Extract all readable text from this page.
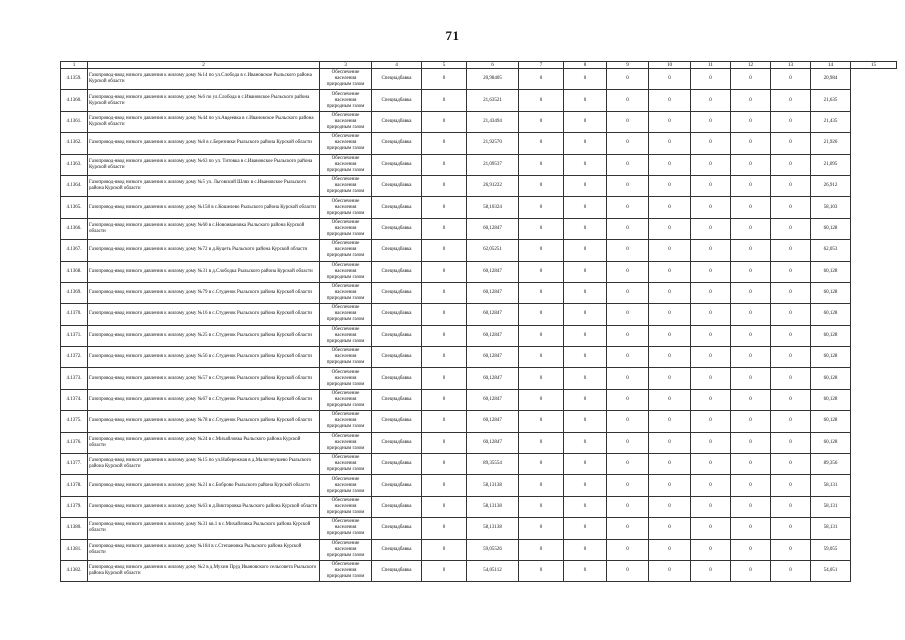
71
1	2	3	4	5	6	7	8	9	10	11	12	13	14	15
4.1359.	Газопровод-ввод низкого давления к жилому дому №14 по ул.Слобода в с.Ивановское Рыльского района Курской области	Обеспечение
населения
природным газом	Спецнадбавка	0	20,98405	0	0	0	0	0	0	0	20,984	
4.1360.	Газопровод-ввод низкого давления к жилому дому №6 по ул.Слобода в с.Ивановское Рыльского района Курской области	Обеспечение
населения
природным газом	Спецнадбавка	0	21,63521	0	0	0	0	0	0	0	21,635	
4.1361.	Газопровод-ввод низкого давления к жилому дому №44 по ул.Авдеевка в с.Ивановское Рыльского района Курской области	Обеспечение
населения
природным газом	Спецнадбавка	0	21,43494	0	0	0	0	0	0	0	21,435	
4.1362.	Газопровод-ввод низкого давления к жилому дому №8 в с.Березники Рыльского района Курской области	Обеспечение
населения
природным газом	Спецнадбавка	0	21,92570	0	0	0	0	0	0	0	21,926	
4.1363.	Газопровод-ввод низкого давления к жилому дому №63 по ул. Титовка в с.Ивановское Рыльского района Курской области	Обеспечение
населения
природным газом	Спецнадбавка	0	21,09537	0	0	0	0	0	0	0	21,095	
4.1364.	Газопровод-ввод низкого давления к жилому дому №5 ул. Льговский Шлях в с.Ивановское Рыльского района Курской области	Обеспечение
населения
природным газом	Спецнадбавка	0	26,91222	0	0	0	0	0	0	0	26,912	
4.1365.	Газопровод-ввод низкого давления к жилому дому №158 в с.Кошелево Рыльского района Курской области	Обеспечение
населения
природным газом	Спецнадбавка	0	58,10324	0	0	0	0	0	0	0	58,103	
4.1366.	Газопровод-ввод низкого давления к жилому дому №60 в с.Новоивановка Рыльского района Курской области	Обеспечение
населения
природным газом	Спецнадбавка	0	60,12847	0	0	0	0	0	0	0	60,128	
4.1367.	Газопровод-ввод низкого давления к жилому дому №72 в д.Куцеть Рыльского района Курской области	Обеспечение
населения
природным газом	Спецнадбавка	0	62,05251	0	0	0	0	0	0	0	62,053	
4.1368.	Газопровод-ввод низкого давления к жилому дому №31 в д.Слободка Рыльского района Курской области	Обеспечение
населения
природным газом	Спецнадбавка	0	60,12847	0	0	0	0	0	0	0	60,128	
4.1369.	Газопровод-ввод низкого давления к жилому дому №79 в с.Студенок Рыльского района Курской области	Обеспечение
населения
природным газом	Спецнадбавка	0	60,12847	0	0	0	0	0	0	0	60,128	
4.1370.	Газопровод-ввод низкого давления к жилому дому №16 в с.Студенок Рыльского района Курской области	Обеспечение
населения
природным газом	Спецнадбавка	0	60,12847	0	0	0	0	0	0	0	60,128	
4.1371.	Газопровод-ввод низкого давления к жилому дому №25 в с.Студенок Рыльского района Курской области	Обеспечение
населения
природным газом	Спецнадбавка	0	60,12847	0	0	0	0	0	0	0	60,128	
4.1372.	Газопровод-ввод низкого давления к жилому дому №56 в с.Студенок Рыльского района Курской области	Обеспечение
населения
природным газом	Спецнадбавка	0	60,12847	0	0	0	0	0	0	0	60,128	
4.1373.	Газопровод-ввод низкого давления к жилому дому №57 в с.Студенок Рыльского района Курской области	Обеспечение
населения
природным газом	Спецнадбавка	0	60,12847	0	0	0	0	0	0	0	60,128	
4.1374.	Газопровод-ввод низкого давления к жилому дому №67 в с.Студенок Рыльского района Курской области	Обеспечение
населения
природным газом	Спецнадбавка	0	60,12847	0	0	0	0	0	0	0	60,128	
4.1375.	Газопровод-ввод низкого давления к жилому дому №78 в с.Студенок Рыльского района Курской области	Обеспечение
населения
природным газом	Спецнадбавка	0	60,12847	0	0	0	0	0	0	0	60,128	
4.1376.	Газопровод-ввод низкого давления к жилому дому №24 в с.Михайловка Рыльского района Курской области	Обеспечение
населения
природным газом	Спецнадбавка	0	60,12847	0	0	0	0	0	0	0	60,128	
4.1377.	Газопровод-ввод низкого давления к жилому дому №15 по ул.Набережная в д.Малогнеушево Рыльского района Курской области	Обеспечение
населения
природным газом	Спецнадбавка	0	89,35554	0	0	0	0	0	0	0	89,356	
4.1378.	Газопровод-ввод низкого давления к жилому дому №21 в с.Боброво Рыльского района Курской области	Обеспечение
населения
природным газом	Спецнадбавка	0	58,13138	0	0	0	0	0	0	0	58,131	
4.1379.	Газопровод-ввод низкого давления к жилому дому №63 в д.Викторовка Рыльского района Курской области	Обеспечение
населения
природным газом	Спецнадбавка	0	58,13138	0	0	0	0	0	0	0	58,131	
4.1380.	Газопровод-ввод низкого давления к жилому дому №31 кв.1 в с.Михайловка Рыльского района Курской области	Обеспечение
населения
природным газом	Спецнадбавка	0	58,13138	0	0	0	0	0	0	0	58,131	
4.1381.	Газопровод-ввод низкого давления к жилому дому №184 в с.Степановка Рыльского района Курской области	Обеспечение
населения
природным газом	Спецнадбавка	0	59,05526	0	0	0	0	0	0	0	59,055	
4.1382.	Газопровод-ввод низкого давления к жилому дому №2 в д.Мухин Пруд Ивановского сельсовета Рыльского района Курской области	Обеспечение
населения
природным газом	Спецнадбавка	0	54,05112	0	0	0	0	0	0	0	54,051	
